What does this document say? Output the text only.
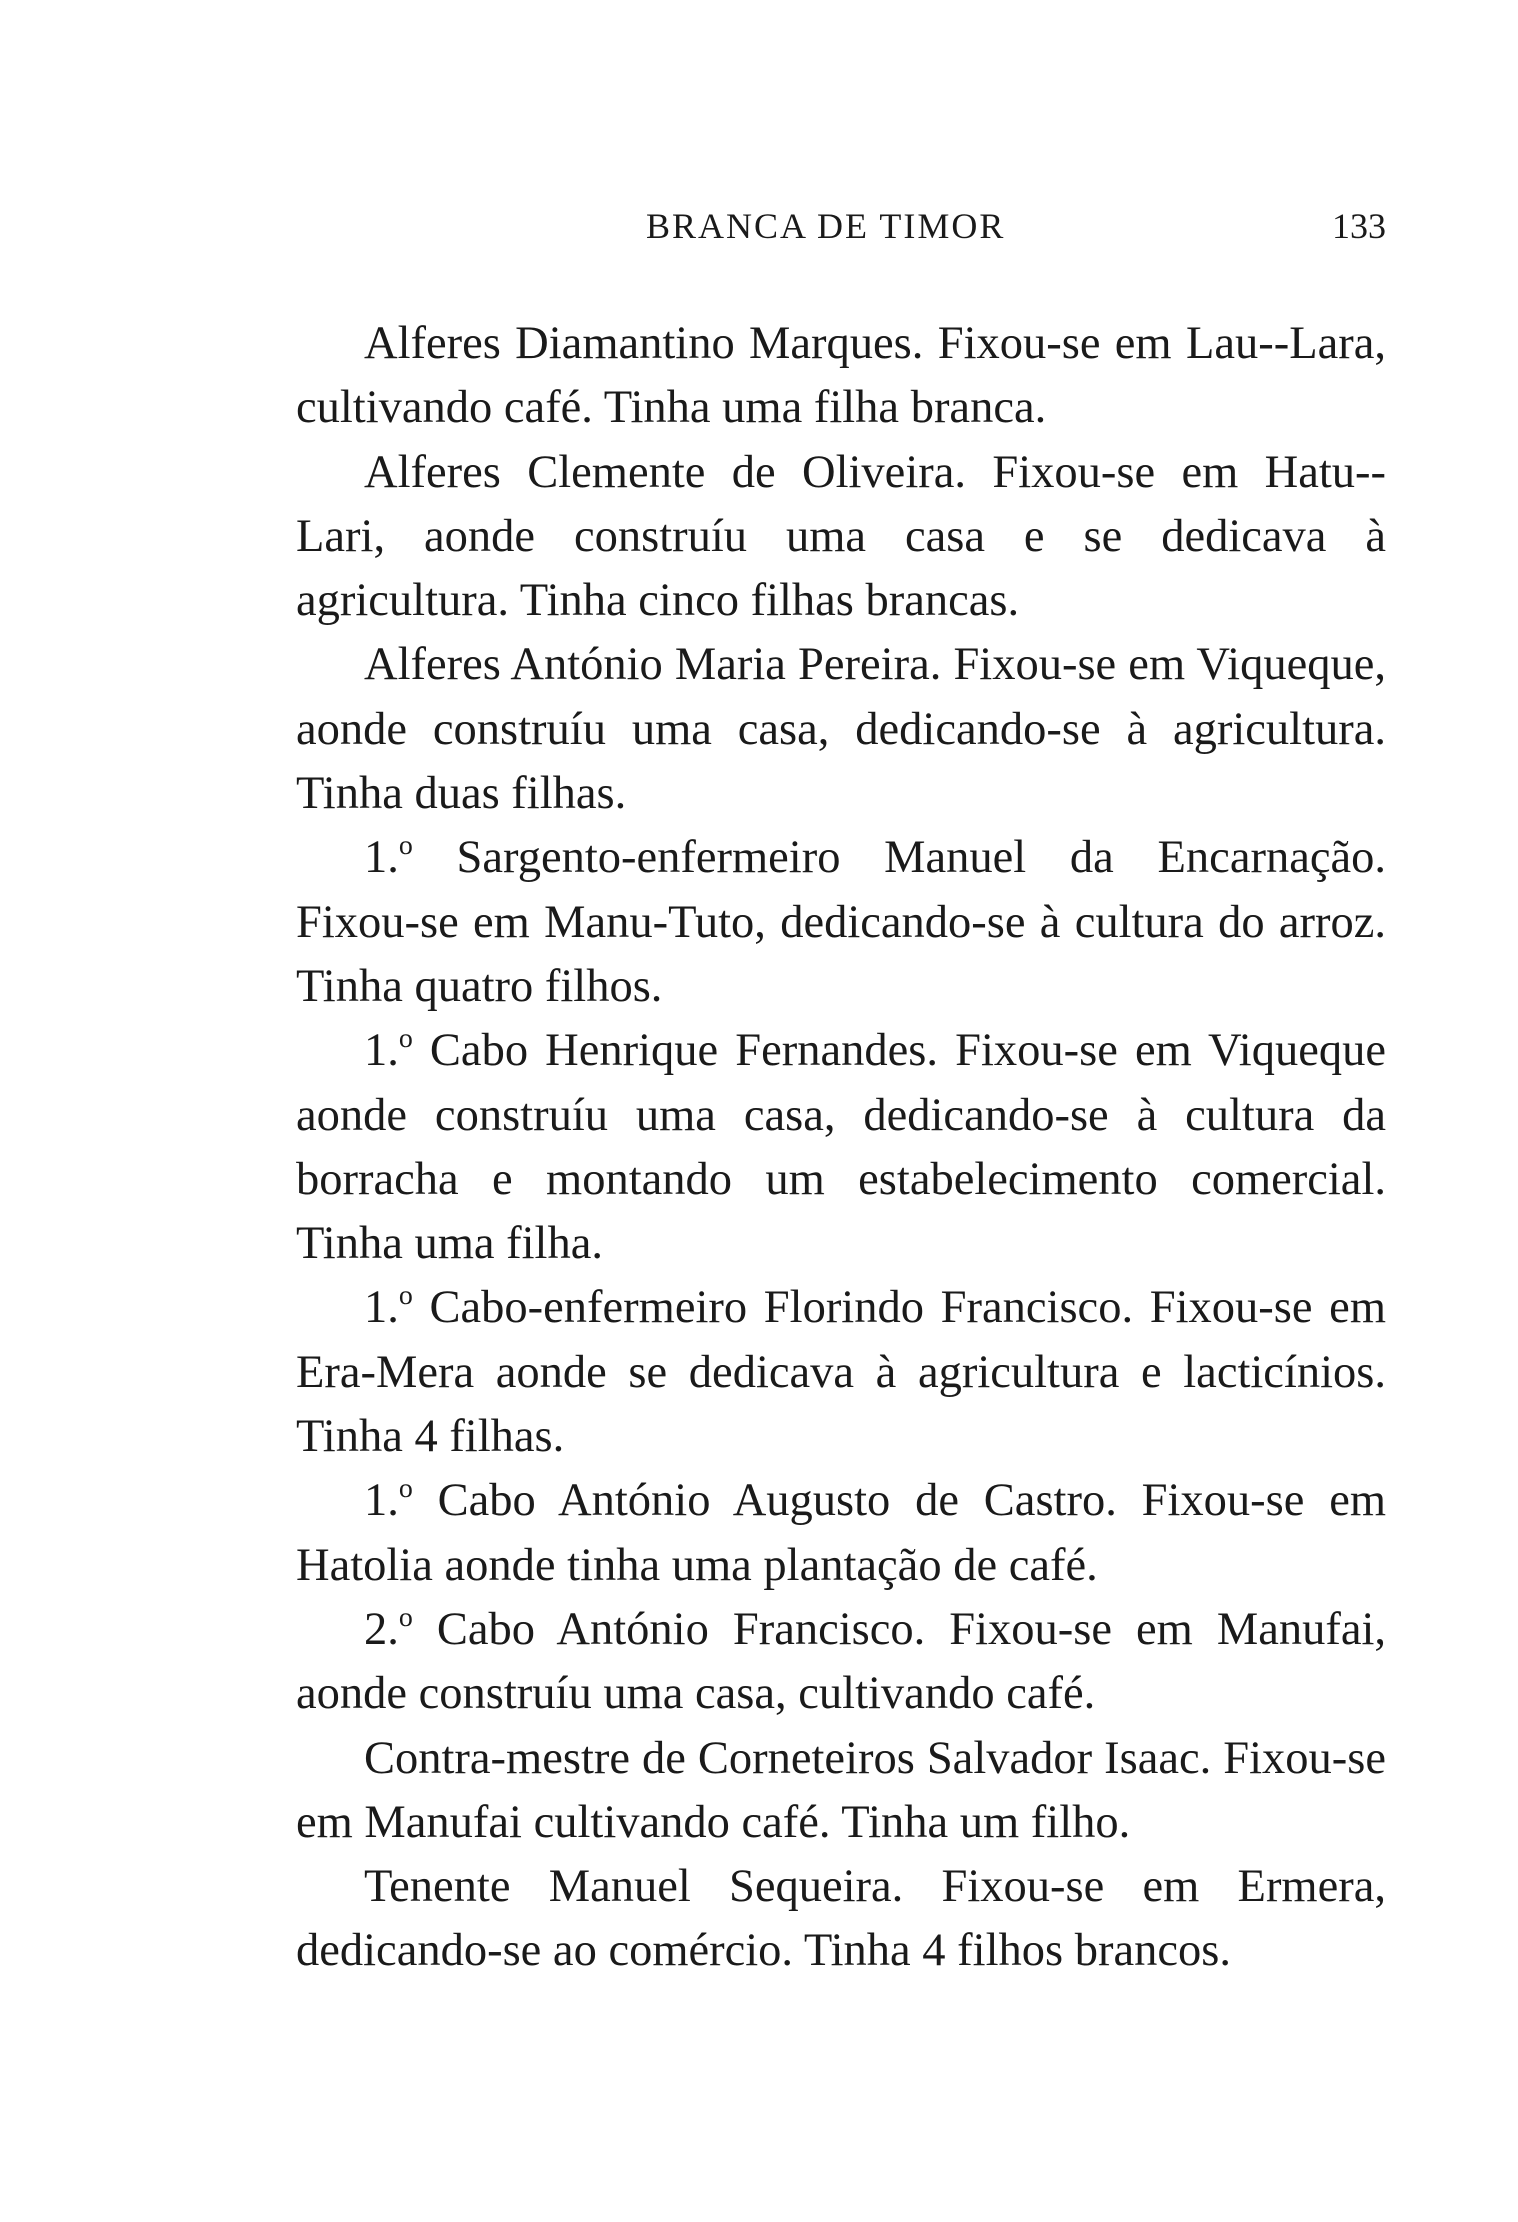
BRANCA DE TIMOR	133

Alferes Diamantino Marques. Fixou-se em Lau--Lara, cultivando café. Tinha uma filha branca.

Alferes Clemente de Oliveira. Fixou-se em Hatu--Lari, aonde construíu uma casa e se dedicava à agricultura. Tinha cinco filhas brancas.

Alferes António Maria Pereira. Fixou-se em Viqueque, aonde construíu uma casa, dedicando-se à agricultura. Tinha duas filhas.

1.$^o$ Sargento-enfermeiro Manuel da Encarnação. Fixou-se em Manu-Tuto, dedicando-se à cultura do arroz. Tinha quatro filhos.

1.$^o$ Cabo Henrique Fernandes. Fixou-se em Viqueque aonde construíu uma casa, dedicando-se à cultura da borracha e montando um estabelecimento comercial. Tinha uma filha.

1.$^o$ Cabo-enfermeiro Florindo Francisco. Fixou-se em Era-Mera aonde se dedicava à agricultura e lacticínios. Tinha 4 filhas.

1.$^o$ Cabo António Augusto de Castro. Fixou-se em Hatolia aonde tinha uma plantação de café.

2.$^o$ Cabo António Francisco. Fixou-se em Manufai, aonde construíu uma casa, cultivando café.

Contra-mestre de Corneteiros Salvador Isaac. Fixou-se em Manufai cultivando café. Tinha um filho.

Tenente Manuel Sequeira. Fixou-se em Ermera, dedicando-se ao comércio. Tinha 4 filhos brancos.
